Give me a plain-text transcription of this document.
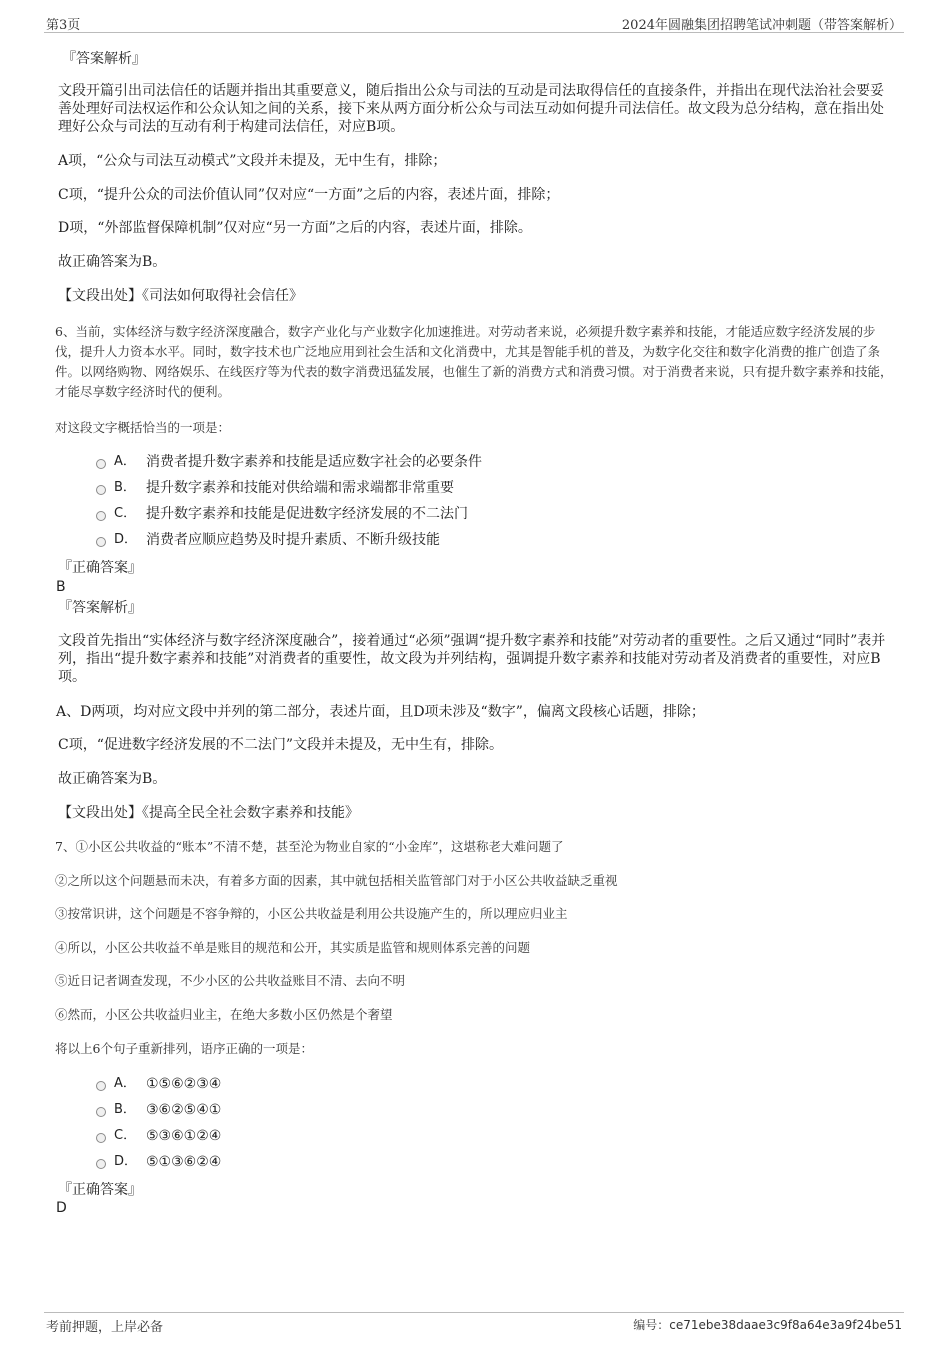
第3页	2024年圆融集团招聘笔试冲刺题（带答案解析）
『答案解析』
文段开篇引出司法信任的话题并指出其重要意义，随后指出公众与司法的互动是司法取得信任的直接条件，并指出在现代法治社会要妥善处理好司法权运作和公众认知之间的关系，接下来从两方面分析公众与司法互动如何提升司法信任。故文段为总分结构，意在指出处理好公众与司法的互动有利于构建司法信任，对应B项。
A项，“公众与司法互动模式”文段并未提及，无中生有，排除；
C项，“提升公众的司法价值认同”仅对应“一方面”之后的内容，表述片面，排除；
D项，“外部监督保障机制”仅对应“另一方面”之后的内容，表述片面，排除。
故正确答案为B。
【文段出处】《司法如何取得社会信任》
6、当前，实体经济与数字经济深度融合，数字产业化与产业数字化加速推进。对劳动者来说，必须提升数字素养和技能，才能适应数字经济发展的步伐，提升人力资本水平。同时，数字技术也广泛地应用到社会生活和文化消费中，尤其是智能手机的普及，为数字化交往和数字化消费的推广创造了条件。以网络购物、网络娱乐、在线医疗等为代表的数字消费迅猛发展，也催生了新的消费方式和消费习惯。对于消费者来说，只有提升数字素养和技能，才能尽享数字经济时代的便利。
对这段文字概括恰当的一项是：
A． 消费者提升数字素养和技能是适应数字社会的必要条件
B． 提升数字素养和技能对供给端和需求端都非常重要
C． 提升数字素养和技能是促进数字经济发展的不二法门
D． 消费者应顺应趋势及时提升素质、不断升级技能
『正确答案』
B
『答案解析』
文段首先指出“实体经济与数字经济深度融合”，接着通过“必须”强调“提升数字素养和技能”对劳动者的重要性。之后又通过“同时”表并列，指出“提升数字素养和技能”对消费者的重要性，故文段为并列结构，强调提升数字素养和技能对劳动者及消费者的重要性，对应B项。
A、D两项，均对应文段中并列的第二部分，表述片面，且D项未涉及“数字”，偏离文段核心话题，排除；
C项，“促进数字经济发展的不二法门”文段并未提及，无中生有，排除。
故正确答案为B。
【文段出处】《提高全民全社会数字素养和技能》
7、①小区公共收益的“账本”不清不楚，甚至沦为物业自家的“小金库”，这堪称老大难问题了
②之所以这个问题悬而未决，有着多方面的因素，其中就包括相关监管部门对于小区公共收益缺乏重视
③按常识讲，这个问题是不容争辩的，小区公共收益是利用公共设施产生的，所以理应归业主
④所以，小区公共收益不单是账目的规范和公开，其实质是监管和规则体系完善的问题
⑤近日记者调查发现，不少小区的公共收益账目不清、去向不明
⑥然而，小区公共收益归业主，在绝大多数小区仍然是个奢望
将以上6个句子重新排列，语序正确的一项是：
A． ①⑤⑥②③④
B． ③⑥②⑤④①
C． ⑤③⑥①②④
D． ⑤①③⑥②④
『正确答案』
D
考前押题，上岸必备	编号：ce71ebe38daae3c9f8a64e3a9f24be51
